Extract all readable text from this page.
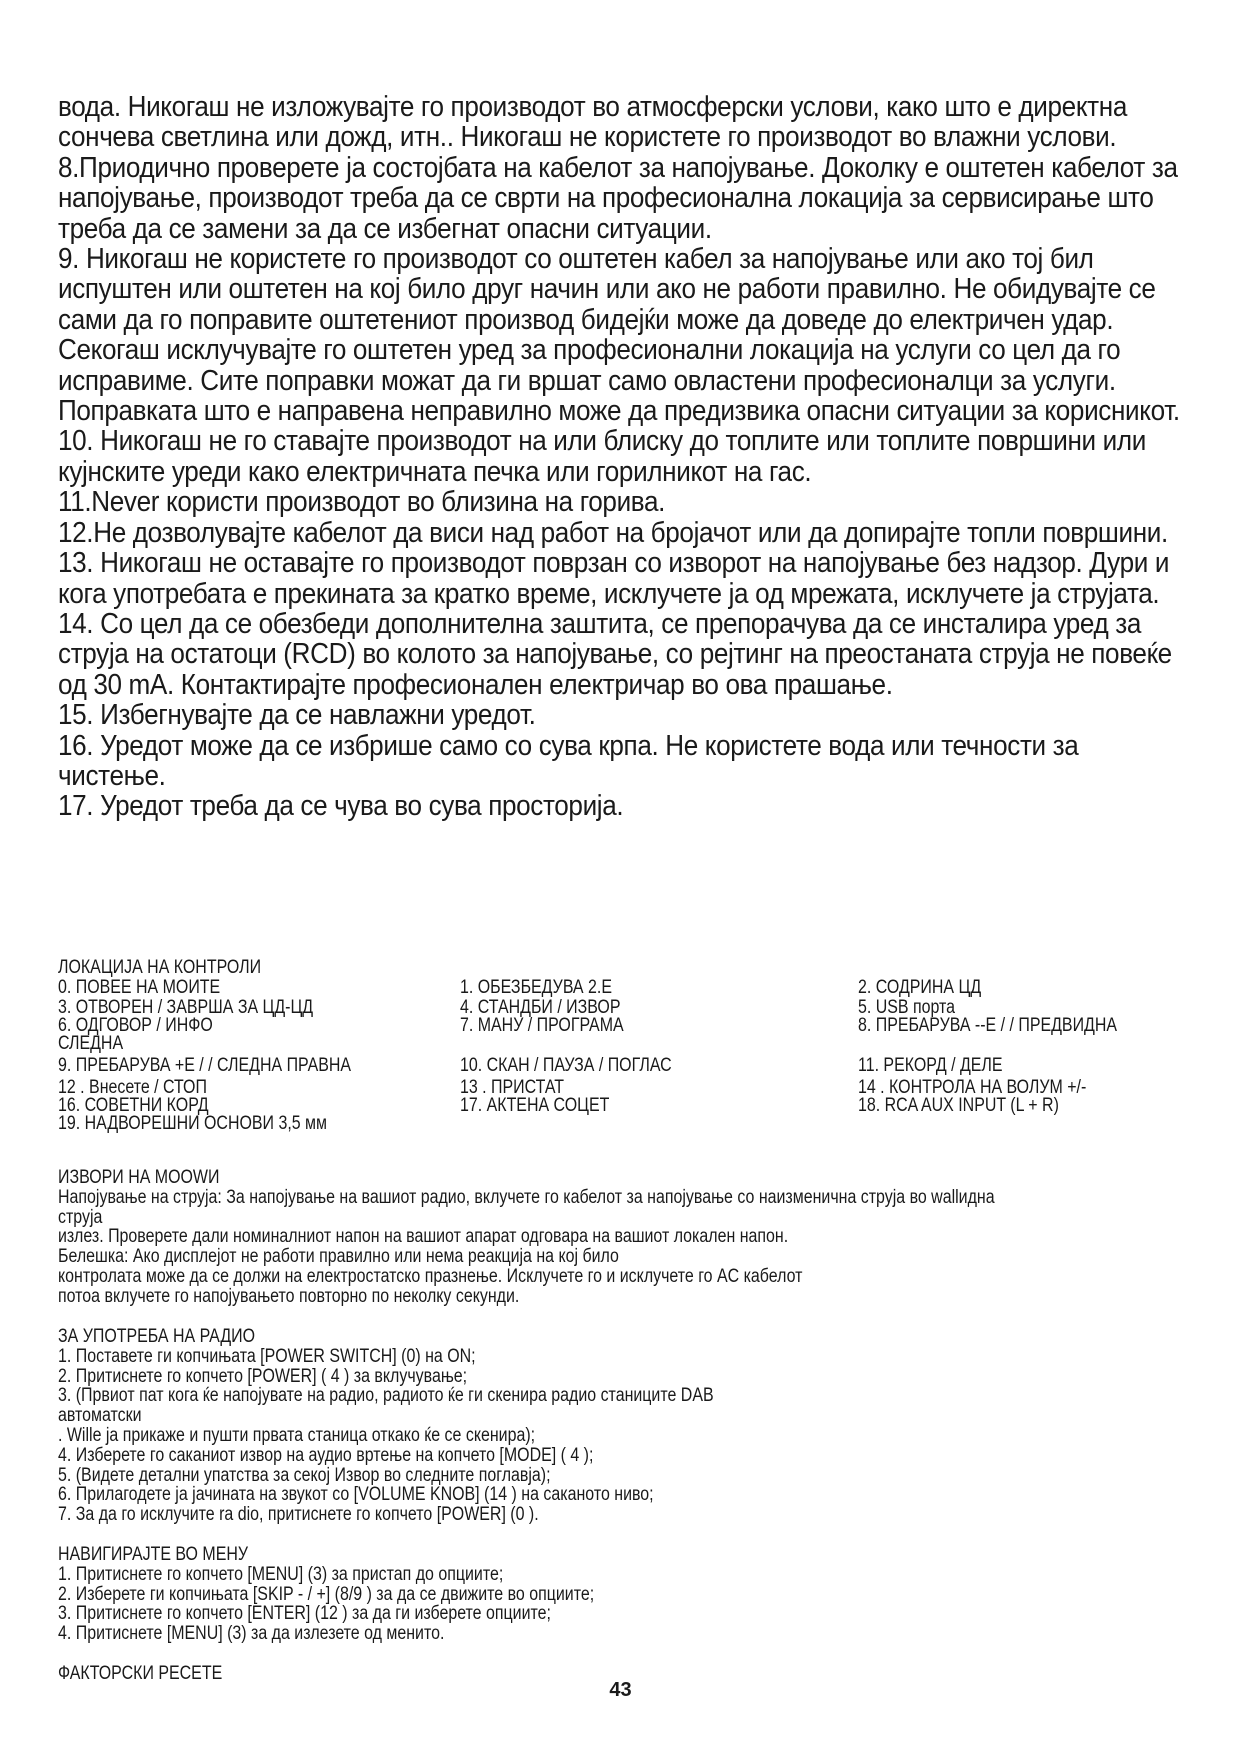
вода. Никогаш не изложувајте го производот во атмосферски услови, како што е директна сончева светлина или дожд, итн.. Никогаш не користете го производот во влажни услови.

8.Приодично проверете ја состојбата на кабелот за напојување. Доколку е оштетен кабелот за напојување, производот треба да се сврти на професионална локација за сервисирање што треба да се замени за да се избегнат опасни ситуации.

9. Никогаш не користете го производот со оштетен кабел за напојување или ако тој бил испуштен или оштетен на кој било друг начин или ако не работи правилно. Не обидувајте се сами да го поправите оштетениот производ бидејќи може да доведе до електричен удар. Секогаш исклучувајте го оштетен уред за професионални локација на услуги со цел да го исправиме. Сите поправки можат да ги вршат само овластени професионалци за услуги. Поправката што е направена неправилно може да предизвика опасни ситуации за корисникот.

10. Никогаш не го ставајте производот на или блиску до топлите или топлите површини или кујнските уреди како електричната печка или горилникот на гас.

11.Never користи производот во близина на горива.

12.Не дозволувајте кабелот да виси над работ на бројачот или да допирајте топли површини.

13. Никогаш не оставајте го производот поврзан со изворот на напојување без надзор. Дури и кога употребата е прекината за кратко време, исклучете ја од мрежата, исклучете ја струјата.

14. Со цел да се обезбеди дополнителна заштита, се препорачува да се инсталира уред за струја на остатоци (RCD) во колото за напојување, со рејтинг на преостаната струја не повеќе од 30 mA. Контактирајте професионален електричар во ова прашање.

15. Избегнувајте да се навлажни уредот.

16. Уредот може да се избрише само со сува крпа. Не користете вода или течности за чистење.

17. Уредот треба да се чува во сува просторија.

ЛОКАЦИЈА НА КОНТРОЛИ
0. ПОВЕЕ НА МОИТЕ	1. ОБЕЗБЕДУВА 2.Е	2. СОДРИНА ЦД
3. ОТВОРЕН / ЗАВРША ЗА ЦД-ЦД	4. СТАНДБИ / ИЗВОР	5. USB порта
6. ОДГОВОР / ИНФО	7. МАНУ / ПРОГРАМА	8. ПРЕБАРУВА --Е / / ПРЕДВИДНА
СЛЕДНА
9. ПРЕБАРУВА +Е / / СЛЕДНА ПРАВНА	10. СКАН / ПАУЗА / ПОГЛАС	11. РЕКОРД / ДЕЛЕ
12 . Внесете / СТОП	13 . ПРИСТАТ	14 . КОНТРОЛА НА ВОЛУМ +/-
16. СОВЕТНИ КОРД	17. АКТЕНА СОЦЕТ	18. RCA AUX INPUT (L + R)
19. НАДВОРЕШНИ ОСНОВИ 3,5 мм

ИЗВОРИ НА MOOWИ

Напојување на струја: За напојување на вашиот радио, вклучете го кабелот за напојување со наизменична струја во wallидна

струја

излез. Проверете дали номиналниот напон на вашиот апарат одговара на вашиот локален напон.

Белешка: Ако дисплејот не работи правилно или нема реакција на кој било

контролата може да се должи на електростатско празнење. Исклучете го и исклучете го AC кабелот

потоа вклучете го напојувањето повторно по неколку секунди.

ЗА УПОТРЕБА НА РАДИО

1. Поставете ги копчињата [POWER SWITCH] (0) на ON;

2. Притиснете го копчето [POWER] ( 4 ) за вклучување;

3. (Првиот пат кога ќе напојувате на радио, радиото ќе ги скенира радио станиците DAB

автоматски

. Wille ја прикаже и пушти првата станица откако ќе се скенира);

4. Изберете го саканиот извор на аудио вртење на копчето [MODE] ( 4 );

5. (Видете детални упатства за секој Извор во следните поглавја);

6. Прилагодете ја јачината на звукот со [VOLUME KNOB] (14 ) на саканото ниво;

7. За да го исклучите ra dio, притиснете го копчето [POWER] (0 ).

НАВИГИРАЈТЕ ВО МЕНУ

1. Притиснете го копчето [MENU] (3) за пристап до опциите;

2. Изберете ги копчињата [SKIP - / +] (8/9 ) за да се движите во опциите;

3. Притиснете го копчето [ENTER] (12 ) за да ги изберете опциите;

4. Притиснете [MENU] (3) за да излезете од менито.

ФАКТОРСКИ РЕСЕТЕ

43
